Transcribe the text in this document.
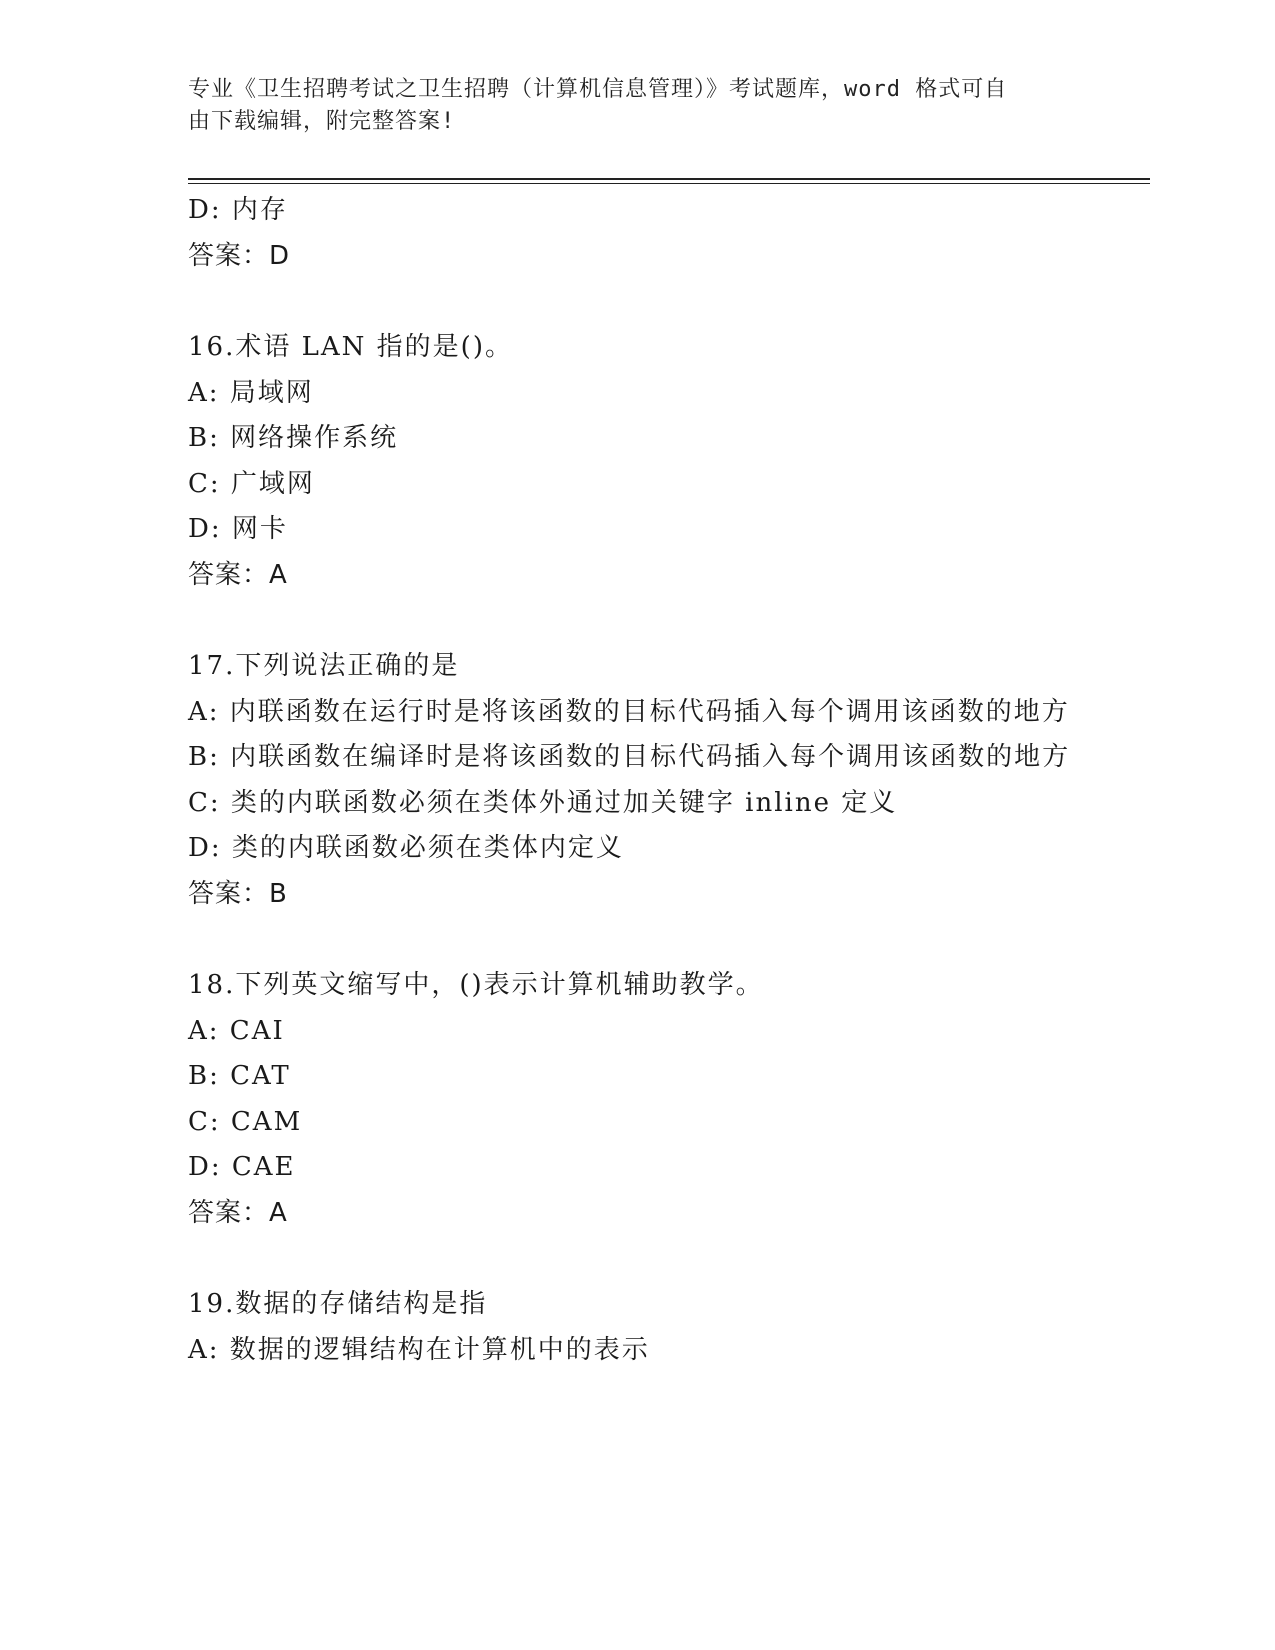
专业《卫生招聘考试之卫生招聘（计算机信息管理）》考试题库，word 格式可自
由下载编辑，附完整答案!
D: 内存
答案：D
16.术语 LAN 指的是()。
A: 局域网
B: 网络操作系统
C: 广域网
D: 网卡
答案：A
17.下列说法正确的是
A: 内联函数在运行时是将该函数的目标代码插入每个调用该函数的地方
B: 内联函数在编译时是将该函数的目标代码插入每个调用该函数的地方
C: 类的内联函数必须在类体外通过加关键字 inline 定义
D: 类的内联函数必须在类体内定义
答案：B
18.下列英文缩写中，()表示计算机辅助教学。
A: CAI
B: CAT
C: CAM
D: CAE
答案：A
19.数据的存储结构是指
A: 数据的逻辑结构在计算机中的表示
